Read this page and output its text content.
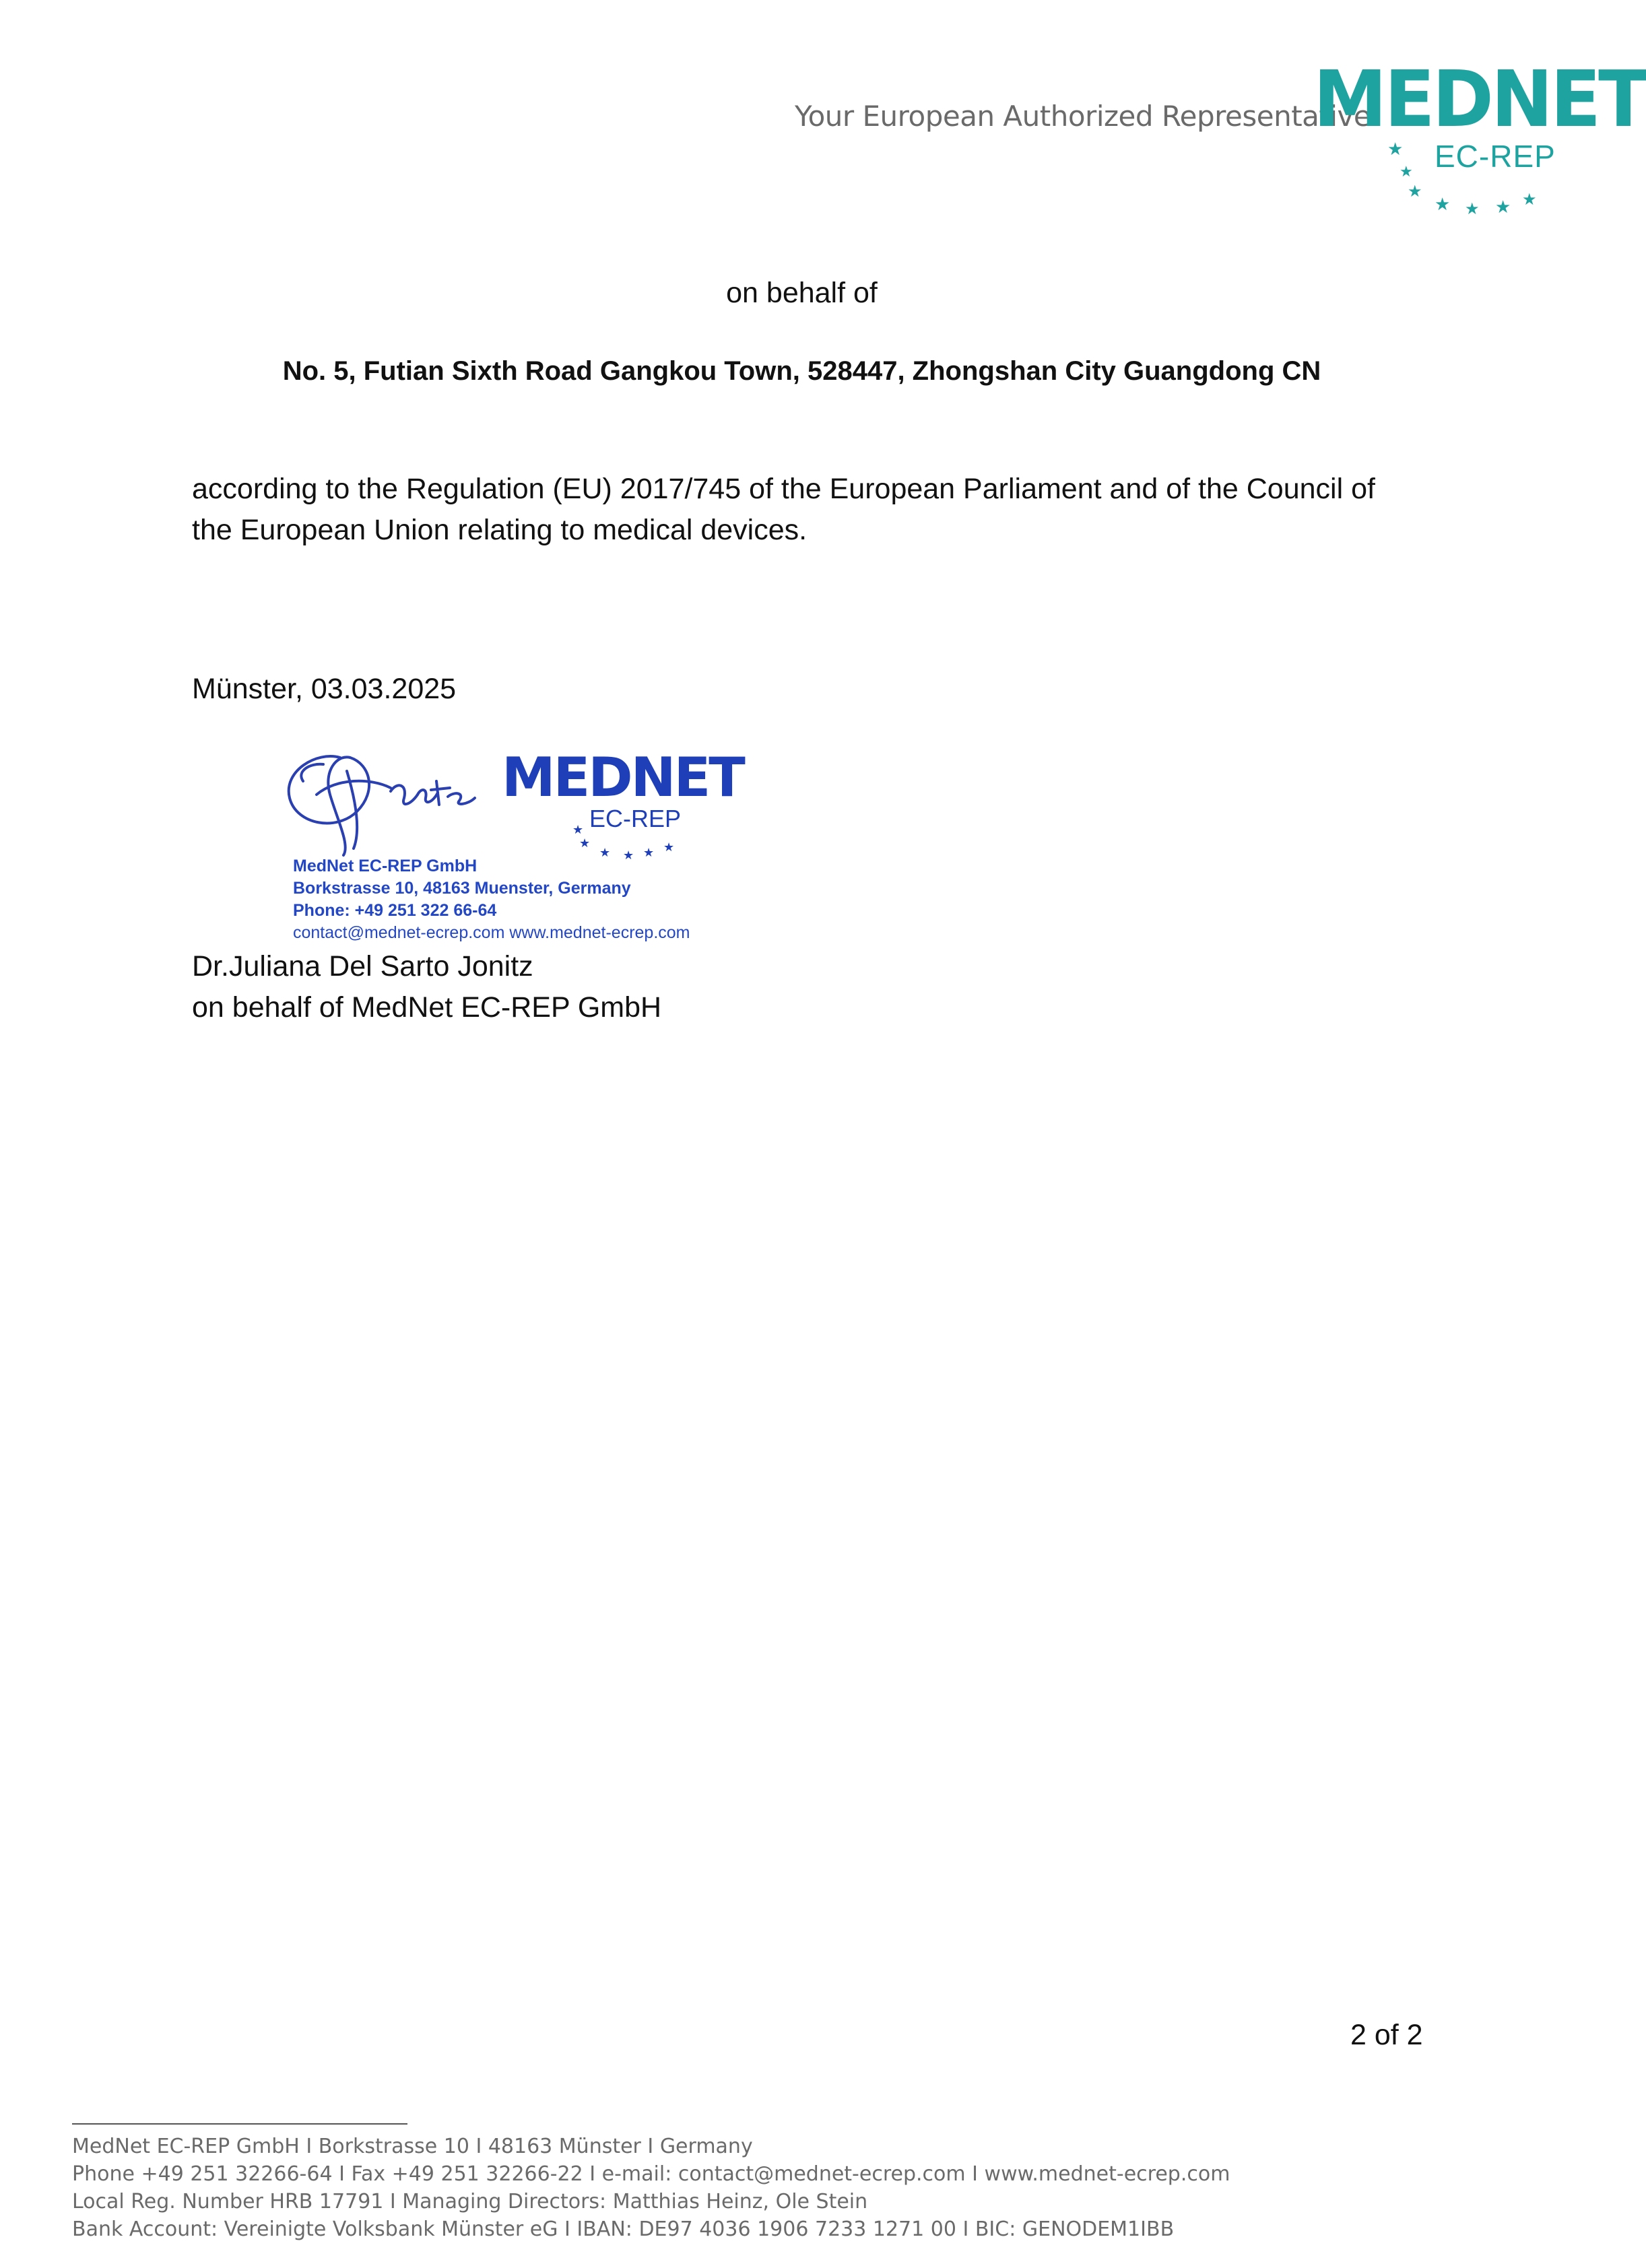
Your European Authorized Representative
MEDNET
EC-REP
★
★
★
★ ★ ★ ★
on behalf of
No. 5, Futian Sixth Road Gangkou Town, 528447, Zhongshan City Guangdong CN
according to the Regulation (EU) 2017/745 of the European Parliament and of the Council of
the European Union relating to medical devices.
Münster, 03.03.2025
MEDNET
EC-REP
★
★
★ ★ ★ ★
MedNet EC-REP GmbH
Borkstrasse 10, 48163 Muenster, Germany
Phone: +49 251 322 66-64
contact@mednet-ecrep.com www.mednet-ecrep.com
Dr.Juliana Del Sarto Jonitz
on behalf of MedNet EC-REP GmbH
2 of 2
MedNet EC-REP GmbH I Borkstrasse 10 I 48163 Münster I Germany
Phone +49 251 32266-64 I Fax +49 251 32266-22 I e-mail: contact@mednet-ecrep.com I www.mednet-ecrep.com
Local Reg. Number HRB 17791 I Managing Directors: Matthias Heinz, Ole Stein
Bank Account: Vereinigte Volksbank Münster eG I IBAN: DE97 4036 1906 7233 1271 00 I BIC: GENODEM1IBB
